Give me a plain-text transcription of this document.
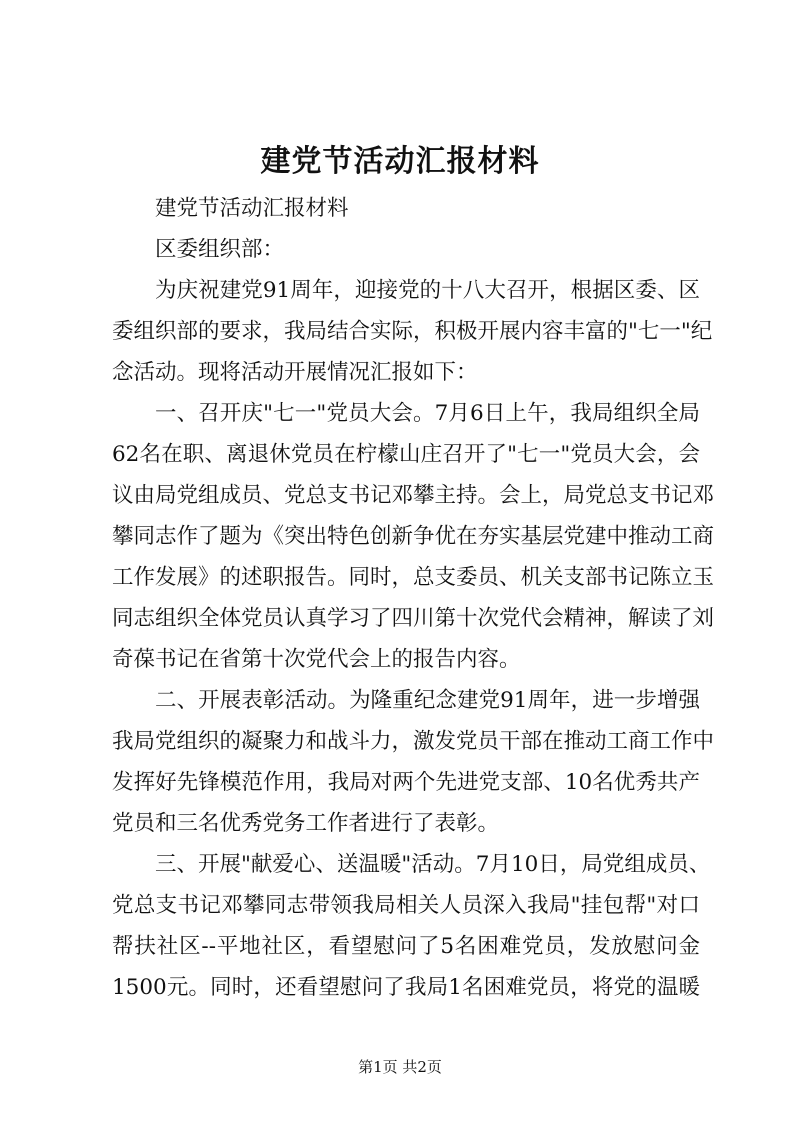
建党节活动汇报材料
建党节活动汇报材料
区委组织部：
为庆祝建党91周年，迎接党的十八大召开，根据区委、区
委组织部的要求，我局结合实际，积极开展内容丰富的"七一"纪
念活动。现将活动开展情况汇报如下：
一、召开庆"七一"党员大会。7月6日上午，我局组织全局
62名在职、离退休党员在柠檬山庄召开了"七一"党员大会，会
议由局党组成员、党总支书记邓攀主持。会上，局党总支书记邓
攀同志作了题为《突出特色创新争优在夯实基层党建中推动工商
工作发展》的述职报告。同时，总支委员、机关支部书记陈立玉
同志组织全体党员认真学习了四川第十次党代会精神，解读了刘
奇葆书记在省第十次党代会上的报告内容。
二、开展表彰活动。为隆重纪念建党91周年，进一步增强
我局党组织的凝聚力和战斗力，激发党员干部在推动工商工作中
发挥好先锋模范作用，我局对两个先进党支部、10名优秀共产
党员和三名优秀党务工作者进行了表彰。
三、开展"献爱心、送温暖"活动。7月10日，局党组成员、
党总支书记邓攀同志带领我局相关人员深入我局"挂包帮"对口
帮扶社区--平地社区，看望慰问了5名困难党员，发放慰问金
1500元。同时，还看望慰问了我局1名困难党员，将党的温暖
第1页 共2页
